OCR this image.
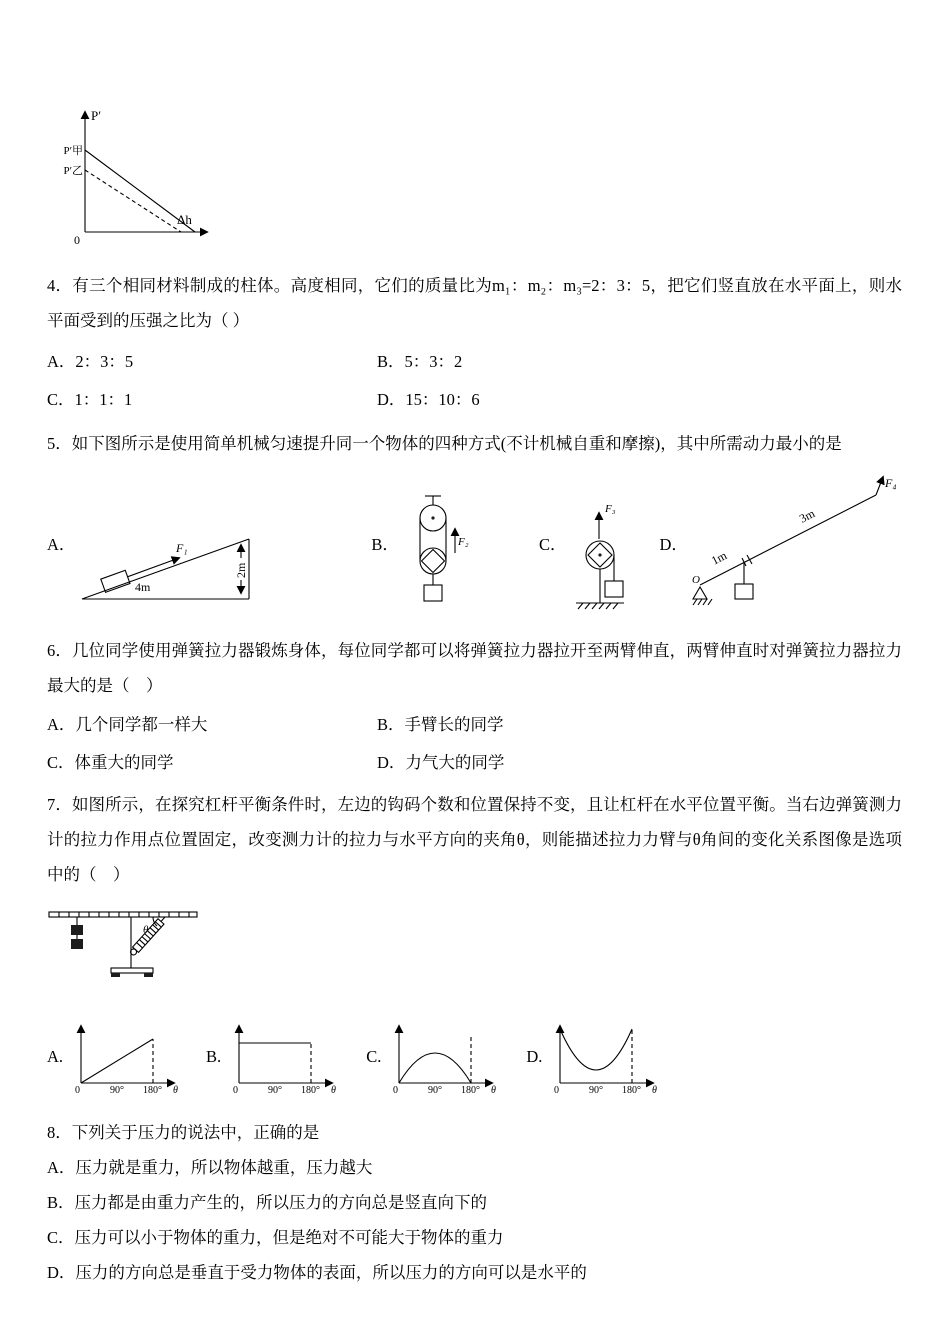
P′
P′甲
P′乙
Δh
0

4．有三个相同材料制成的柱体。高度相同，它们的质量比为m₁：m₂：m₃=2：3：5，把它们竖直放在水平面上，则水平面受到的压强之比为（ ）

A．2：3：5	B．5：3：2
C．1：1：1	D．15：10：6

5．如下图所示是使用简单机械匀速提升同一个物体的四种方式(不计机械自重和摩擦)，其中所需动力最小的是

A．	F₁
4m
2m
B．	F₂	C．
F₃
D．
F₄
3m
1m
O

6．几位同学使用弹簧拉力器锻炼身体，每位同学都可以将弹簧拉力器拉开至两臂伸直，两臂伸直时对弹簧拉力器拉力最大的是（　）

A．几个同学都一样大	B．手臂长的同学
C．体重大的同学	D．力气大的同学

7．如图所示，在探究杠杆平衡条件时，左边的钩码个数和位置保持不变，且让杠杆在水平位置平衡。当右边弹簧测力计的拉力作用点位置固定，改变测力计的拉力与水平方向的夹角θ，则能描述拉力力臂与θ角间的变化关系图像是选项中的（　）

θ
A.
0	90° 180° θ
B.
0	90° 180° θ
C.
0	90° 180° θ
D.
0	90° 180° θ

8．下列关于压力的说法中，正确的是

A．压力就是重力，所以物体越重，压力越大

B．压力都是由重力产生的，所以压力的方向总是竖直向下的

C．压力可以小于物体的重力，但是绝对不可能大于物体的重力

D．压力的方向总是垂直于受力物体的表面，所以压力的方向可以是水平的
